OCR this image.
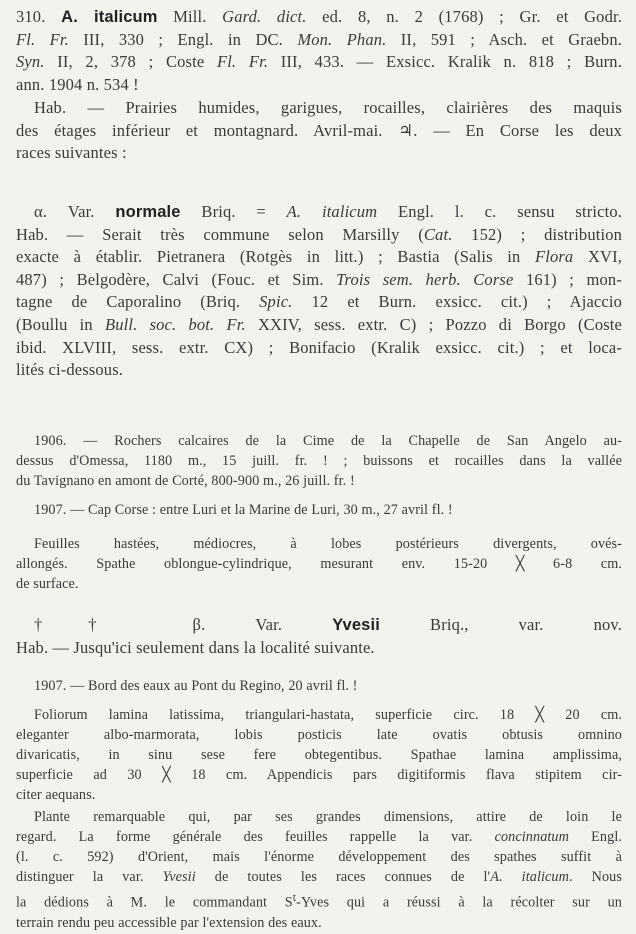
310. A. italicum Mill. Gard. dict. ed. 8, n. 2 (1768) ; Gr. et Godr.
Fl. Fr. III, 330 ; Engl. in DC. Mon. Phan. II, 591 ; Asch. et Graebn.
Syn. II, 2, 378 ; Coste Fl. Fr. III, 433. — Exsicc. Kralik n. 818 ; Burn.
ann. 1904 n. 534 !
Hab. — Prairies humides, garigues, rocailles, clairières des maquis
des étages inférieur et montagnard. Avril-mai. ♃. — En Corse les deux
races suivantes :
α. Var. normale Briq. = A. italicum Engl. l. c. sensu stricto.
Hab. — Serait très commune selon Marsilly (Cat. 152) ; distribution
exacte à établir. Pietranera (Rotgès in litt.) ; Bastia (Salis in Flora XVI,
487) ; Belgodère, Calvi (Fouc. et Sim. Trois sem. herb. Corse 161) ; mon-
tagne de Caporalino (Briq. Spic. 12 et Burn. exsicc. cit.) ; Ajaccio
(Boullu in Bull. soc. bot. Fr. XXIV, sess. extr. C) ; Pozzo di Borgo (Coste
ibid. XLVIII, sess. extr. CX) ; Bonifacio (Kralik exsicc. cit.) ; et loca-
lités ci-dessous.
1906. — Rochers calcaires de la Cime de la Chapelle de San Angelo au-
dessus d'Omessa, 1180 m., 15 juill. fr. ! ; buissons et rocailles dans la vallée
du Tavignano en amont de Corté, 800-900 m., 26 juill. fr. !
1907. — Cap Corse : entre Luri et la Marine de Luri, 30 m., 27 avril fl. !
Feuilles hastées, médiocres, à lobes postérieurs divergents, ovés-
allongés. Spathe oblongue-cylindrique, mesurant env. 15-20 ╳ 6-8 cm.
de surface.
†† β. Var. Yvesii Briq., var. nov.
Hab. — Jusqu'ici seulement dans la localité suivante.
1907. — Bord des eaux au Pont du Regino, 20 avril fl. !
Foliorum lamina latissima, triangulari-hastata, superficie circ. 18 ╳ 20 cm.
eleganter albo-marmorata, lobis posticis late ovatis obtusis omnino
divaricatis, in sinu sese fere obtegentibus. Spathae lamina amplissima,
superficie ad 30 ╳ 18 cm. Appendicis pars digitiformis flava stipitem cir-
citer aequans.
Plante remarquable qui, par ses grandes dimensions, attire de loin le
regard. La forme générale des feuilles rappelle la var. concinnatum Engl.
(l. c. 592) d'Orient, mais l'énorme développement des spathes suffit à
distinguer la var. Yvesii de toutes les races connues de l'A. italicum. Nous
la dédions à M. le commandant $S^t$-Yves qui a réussi à la récolter sur un
terrain rendu peu accessible par l'extension des eaux.
